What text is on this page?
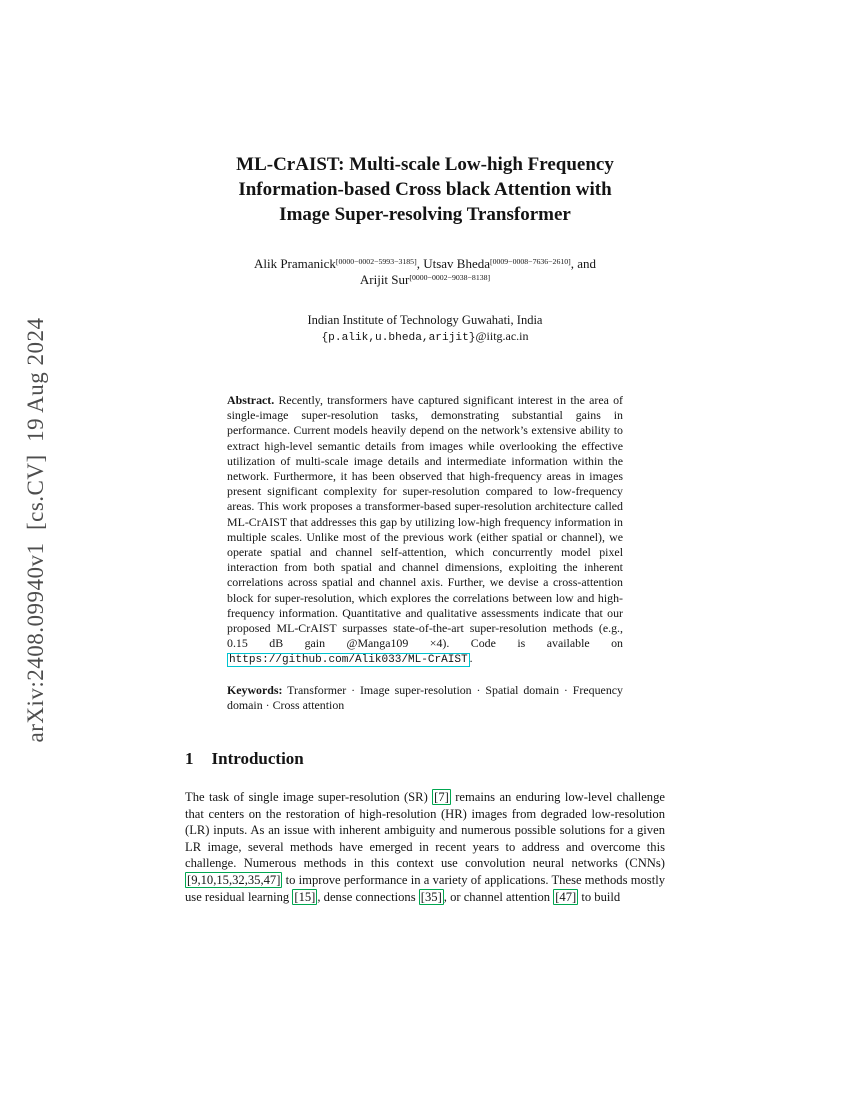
arXiv:2408.09940v1  [cs.CV]  19 Aug 2024
ML-CrAIST: Multi-scale Low-high Frequency
Information-based Cross black Attention with
Image Super-resolving Transformer
Alik Pramanick[0000−0002−5993−3185], Utsav Bheda[0009−0008−7636−2610], and
Arijit Sur[0000−0002−9038−8138]
Indian Institute of Technology Guwahati, India
{p.alik,u.bheda,arijit}@iitg.ac.in

Abstract. Recently, transformers have captured significant interest in the area of single-image super-resolution tasks, demonstrating substantial gains in performance. Current models heavily depend on the network’s extensive ability to extract high-level semantic details from images while overlooking the effective utilization of multi-scale image details and intermediate information within the network. Furthermore, it has been observed that high-frequency areas in images present significant complexity for super-resolution compared to low-frequency areas. This work proposes a transformer-based super-resolution architecture called ML-CrAIST that addresses this gap by utilizing low-high frequency information in multiple scales. Unlike most of the previous work (either spatial or channel), we operate spatial and channel self-attention, which concurrently model pixel interaction from both spatial and channel dimensions, exploiting the inherent correlations across spatial and channel axis. Further, we devise a cross-attention block for super-resolution, which explores the correlations between low and high-frequency information. Quantitative and qualitative assessments indicate that our proposed ML-CrAIST surpasses state-of-the-art super-resolution methods (e.g., 0.15 dB gain @Manga109 ×4). Code is available on https://github.com/Alik033/ML-CrAIST .

Keywords: Transformer · Image super-resolution · Spatial domain · Frequency domain · Cross attention

1 Introduction

The task of single image super-resolution (SR) [7] remains an enduring low-level challenge that centers on the restoration of high-resolution (HR) images from degraded low-resolution (LR) inputs. As an issue with inherent ambiguity and numerous possible solutions for a given LR image, several methods have emerged in recent years to address and overcome this challenge. Numerous methods in this context use convolution neural networks (CNNs) [9,10,15,32,35,47] to improve performance in a variety of applications. These methods mostly use residual learning [15] , dense connections [35] , or channel attention [47] to build
